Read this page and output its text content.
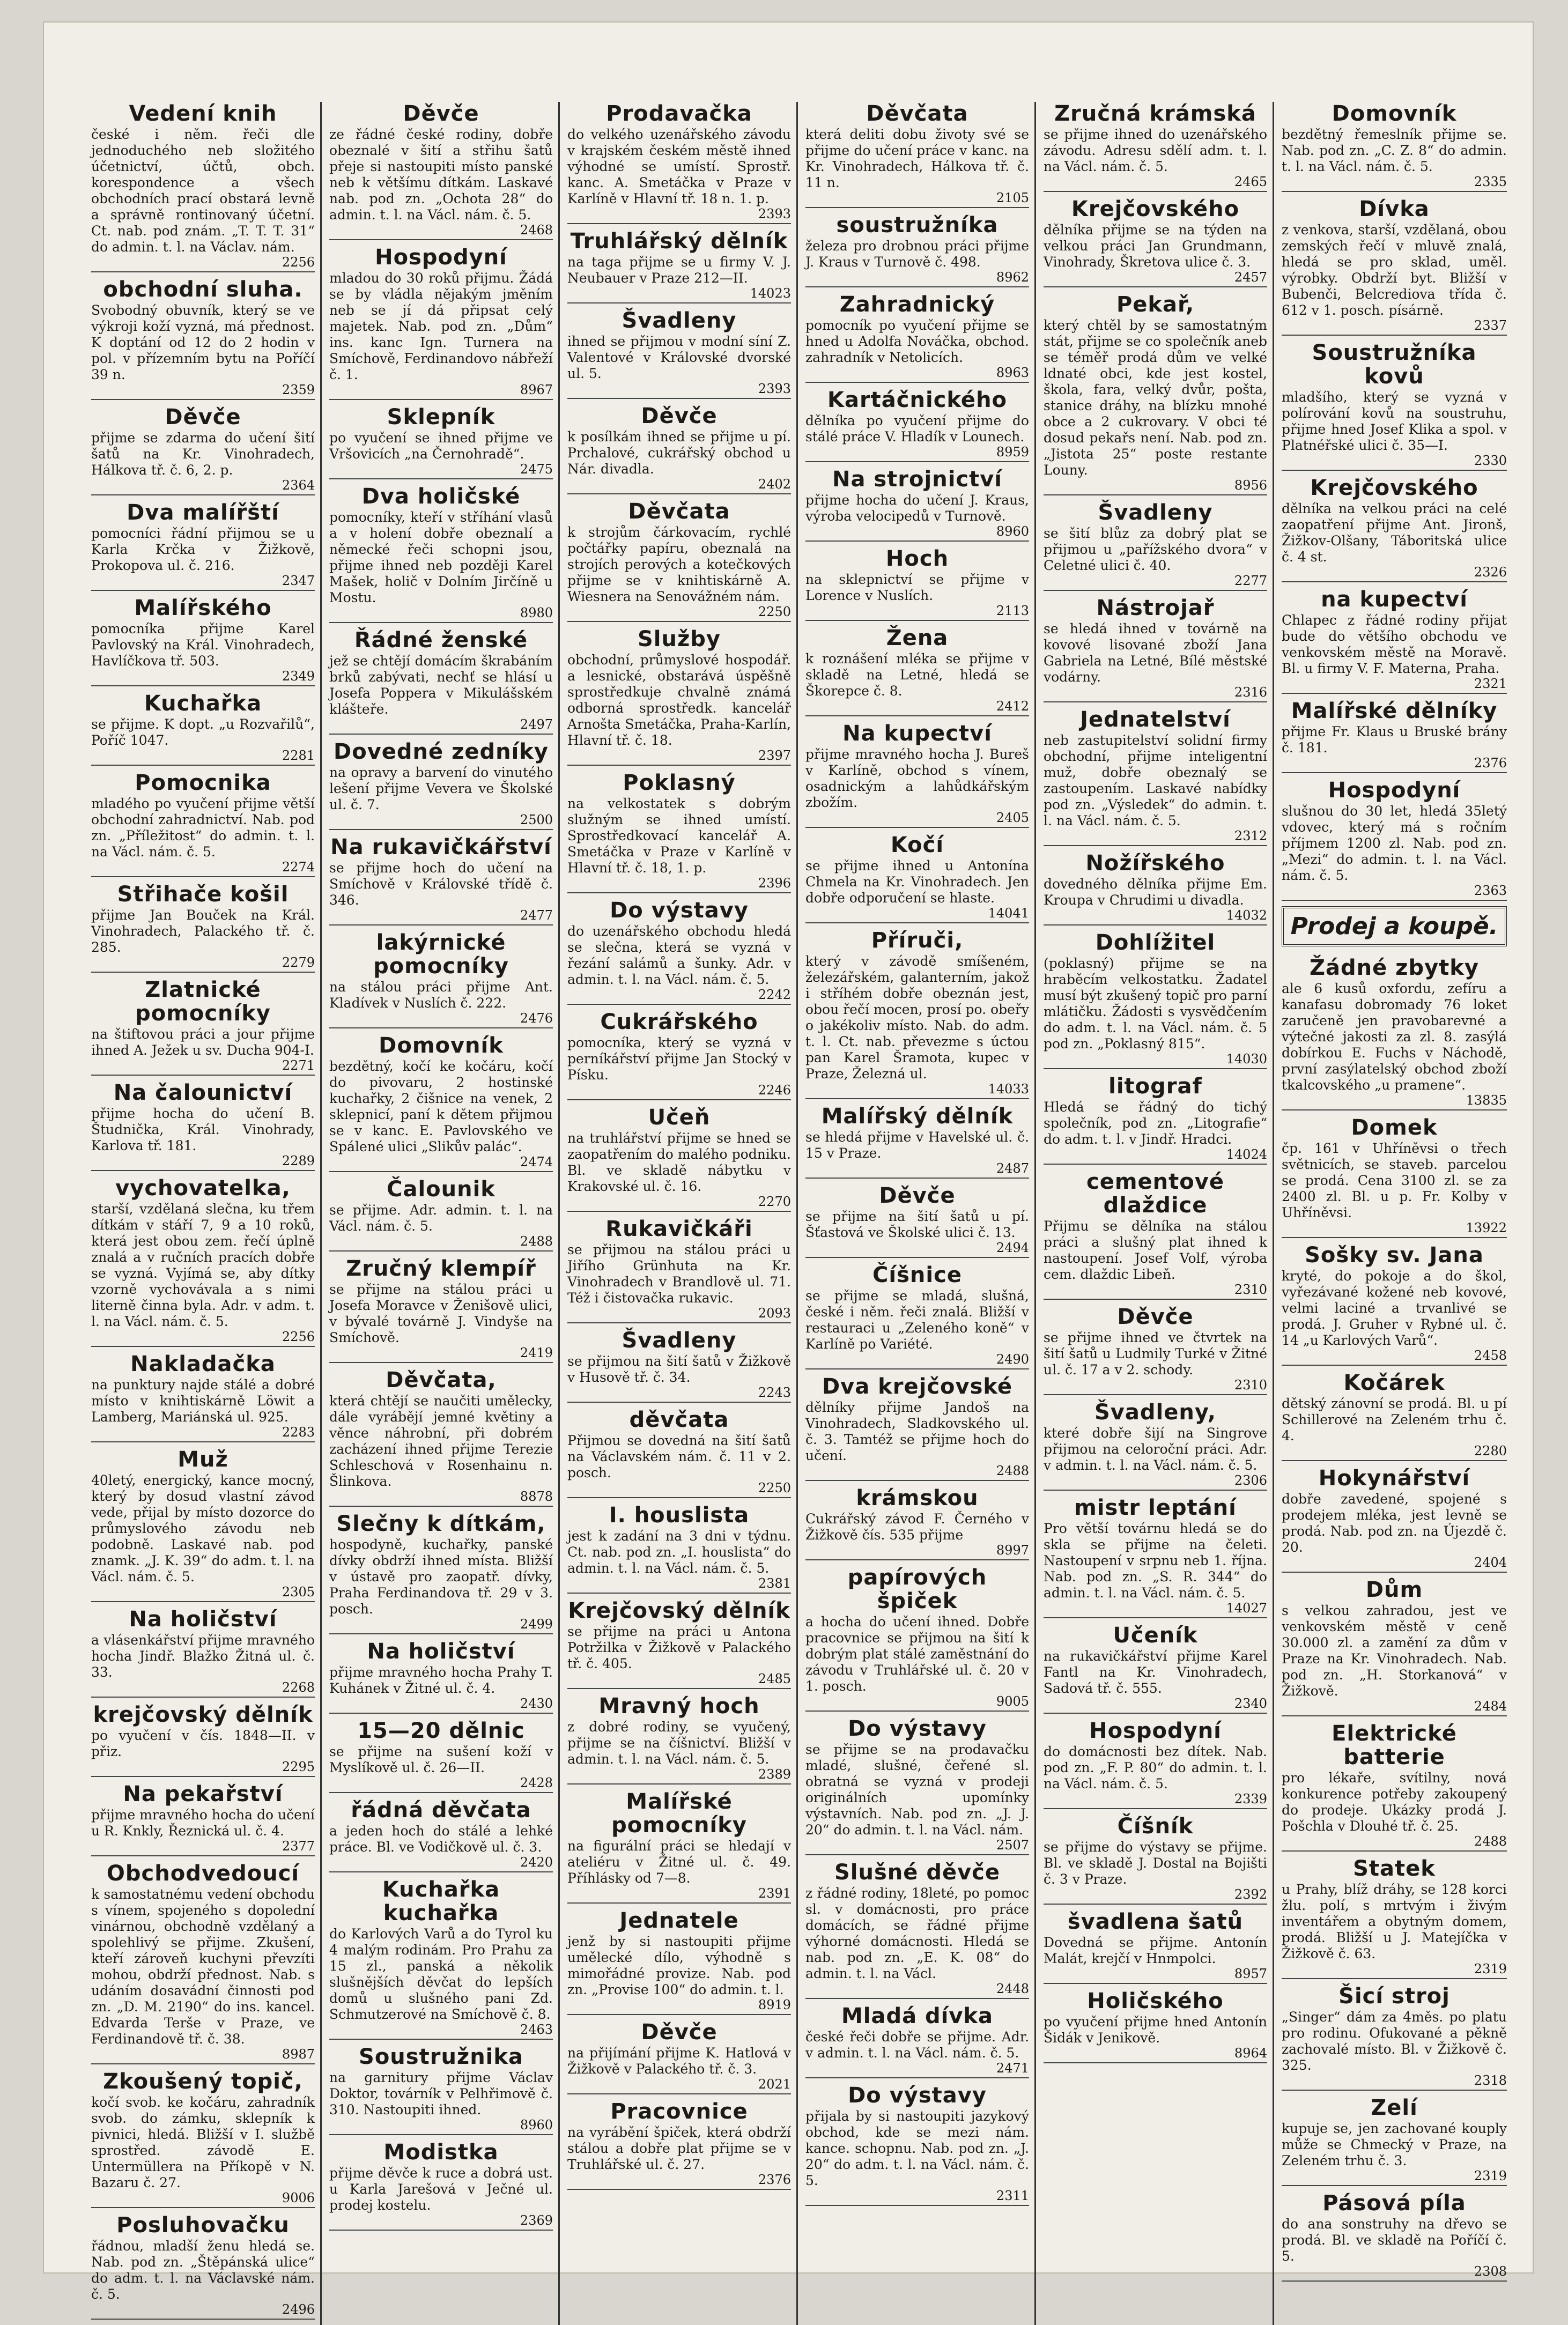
Vedení knih

české i něm. řeči dle jednoduchého neb složitého účetnictví, účtů, obch. korespondence a všech obchodních prací obstará levně a správně rontinovaný účetní. Ct. nab. pod znám. „T. T. T. 31“ do admin. t. l. na Václav. nám.

2256
obchodní sluha.

Svobodný obuvník, který se ve výkroji koží vyzná, má přednost. K doptání od 12 do 2 hodin v pol. v přízemním bytu na Poříčí 39 n.

2359
Děvče

přijme se zdarma do učení šití šatů na Kr. Vinohradech, Hálkova tř. č. 6, 2. p.

2364
Dva malířští

pomocníci řádní přijmou se u Karla Krčka v Žižkově, Prokopova ul. č. 216.

2347
Malířského

pomocníka přijme Karel Pavlovský na Král. Vinohradech, Havlíčkova tř. 503.

2349
Kuchařka

se přijme. K dopt. „u Rozvařilů“, Poříč 1047.

2281
Pomocnika

mladého po vyučení přijme větší obchodní zahradnictví. Nab. pod zn. „Příležitost“ do admin. t. l. na Václ. nám. č. 5.

2274
Střihače košil

přijme Jan Bouček na Král. Vinohradech, Palackého tř. č. 285.

2279
Zlatnické pomocníky

na štiftovou práci a jour přijme ihned A. Ježek u sv. Ducha 904-I.

2271
Na čalounictví

přijme hocha do učení B. Študnička, Král. Vinohrady, Karlova tř. 181.

2289
vychovatelka,

starší, vzdělaná slečna, ku třem dítkám v stáří 7, 9 a 10 roků, která jest obou zem. řečí úplně znalá a v ručních pracích dobře se vyzná. Vyjímá se, aby dítky vzorně vychovávala a s nimi literně činna byla. Adr. v adm. t. l. na Václ. nám. č. 5.

2256
Nakladačka

na punktury najde stálé a dobré místo v knihtiskárně Löwit a Lamberg, Mariánská ul. 925.

2283
Muž

40letý, energický, kance mocný, který by dosud vlastní závod vede, přijal by místo dozorce do průmyslového závodu neb podobně. Laskavé nab. pod znamk. „J. K. 39“ do adm. t. l. na Václ. nám. č. 5.

2305
Na holičství

a vlásenkářství přijme mravného hocha Jindř. Blažko Žitná ul. č. 33.

2268
krejčovský dělník

po vyučení v čís. 1848—II. v přiz.

2295
Na pekařství

přijme mravného hocha do učení u R. Knkly, Řeznická ul. č. 4.

2377
Obchodvedoucí

k samostatnému vedení obchodu s vínem, spojeného s dopolední vinárnou, obchodně vzdělaný a spolehlivý se přijme. Zkušení, kteří zároveň kuchyni převzíti mohou, obdrží přednost. Nab. s udáním dosavádní činnosti pod zn. „D. M. 2190“ do ins. kancel. Edvarda Terše v Praze, ve Ferdinandově tř. č. 38.

8987
Zkoušený topič,

kočí svob. ke kočáru, zahradník svob. do zámku, sklepník k pivnici, hledá. Bližší v I. službě sprostřed. závodě E. Untermüllera na Příkopě v N. Bazaru č. 27.

9006
Posluhovačku

řádnou, mladší ženu hledá se. Nab. pod zn. „Štěpánská ulice“ do adm. t. l. na Václavské nám. č. 5.

2496
Děvče

ze řádné české rodiny, dobře obeznalé v šití a střihu šatů přeje si nastoupiti místo panské neb k většímu dítkám. Laskavé nab. pod zn. „Ochota 28“ do admin. t. l. na Václ. nám. č. 5.

2468
Hospodyní

mladou do 30 roků přijmu. Žádá se by vládla nějakým jměním neb se jí dá připsat celý majetek. Nab. pod zn. „Dům“ ins. kanc Ign. Turnera na Smíchově, Ferdinandovo nábřeží č. 1.

8967
Sklepník

po vyučení se ihned přijme ve Vršovicích „na Černohradě“.

2475
Dva holičské

pomocníky, kteří v stříhání vlasů a v holení dobře obeznalí a německé řeči schopni jsou, přijme ihned neb později Karel Mašek, holič v Dolním Jirčíně u Mostu.

8980
Řádné ženské

jež se chtějí domácím škrabáním brků zabývati, nechť se hlásí u Josefa Poppera v Mikulášském klášteře.

2497
Dovedné zedníky

na opravy a barvení do vinutého lešení přijme Vevera ve Školské ul. č. 7.

2500
Na rukavičkářství

se přijme hoch do učení na Smíchově v Královské třídě č. 346.

2477
lakýrnické pomocníky

na stálou práci přijme Ant. Kladívek v Nuslích č. 222.

2476
Domovník

bezdětný, kočí ke kočáru, kočí do pivovaru, 2 hostinské kuchařky, 2 čišnice na venek, 2 sklepnicí, paní k dětem přijmou se v kanc. E. Pavlovského ve Spálené ulici „Slikův palác“.

2474
Čalounik

se přijme. Adr. admin. t. l. na Václ. nám. č. 5.

2488
Zručný klempíř

se přijme na stálou práci u Josefa Moravce v Ženišově ulici, v bývalé továrně J. Vindyše na Smíchově.

2419
Děvčata,

která chtějí se naučiti umělecky, dále vyrábějí jemné květiny a věnce náhrobní, při dobrém zacházení ihned přijme Terezie Schleschová v Rosenhainu n. Šlinkova.

8878
Slečny k dítkám,

hospodyně, kuchařky, panské dívky obdrží ihned místa. Bližší v ústavě pro zaopatř. dívky, Praha Ferdinandova tř. 29 v 3. posch.

2499
Na holičství

přijme mravného hocha Prahy T. Kuhánek v Žitné ul. č. 4.

2430
15—20 dělnic

se přijme na sušení koží v Myslíkově ul. č. 26—II.

2428
řádná děvčata

a jeden hoch do stálé a lehké práce. Bl. ve Vodičkově ul. č. 3.

2420
Kuchařka kuchařka

do Karlových Varů a do Tyrol ku 4 malým rodinám. Pro Prahu za 15 zl., panská a několik slušnějších děvčat do lepších domů u slušného pani Zd. Schmutzerové na Smíchově č. 8.

2463
Soustružnika

na garnitury přijme Václav Doktor, továrník v Pelhřimově č. 310. Nastoupiti ihned.

8960
Modistka

přijme děvče k ruce a dobrá ust. u Karla Jarešová v Ječné ul. prodej kostelu.

2369
Prodavačka

do velkého uzenářského závodu v krajském českém městě ihned výhodné se umístí. Sprostř. kanc. A. Smetáčka v Praze v Karlíně v Hlavní tř. 18 n. 1. p.

2393
Truhlářský dělník

na taga přijme se u firmy V. J. Neubauer v Praze 212—II.

14023
Švadleny

ihned se přijmou v modní síní Z. Valentové v Královské dvorské ul. 5.

2393
Děvče

k posílkám ihned se přijme u pí. Prchalové, cukrářský obchod u Nár. divadla.

2402
Děvčata

k strojům čárkovacím, rychlé počtářky papíru, obeznalá na strojích perových a kotečkových přijme se v knihtiskárně A. Wiesnera na Senovážném nám.

2250
Služby

obchodní, průmyslové hospodář. a lesnické, obstarává úspěšně sprostředkuje chvalně známá odborná sprostředk. kancelář Arnošta Smetáčka, Praha-Karlín, Hlavní tř. č. 18.

2397
Poklasný

na velkostatek s dobrým služným se ihned umístí. Sprostředkovací kancelář A. Smetáčka v Praze v Karlíně v Hlavní tř. č. 18, 1. p.

2396
Do výstavy

do uzenářského obchodu hledá se slečna, která se vyzná v řezání salámů a šunky. Adr. v admin. t. l. na Václ. nám. č. 5.

2242
Cukrářského

pomocníka, který se vyzná v perníkářství přijme Jan Stocký v Písku.

2246
Učeň

na truhlářství přijme se hned se zaopatřením do malého podniku. Bl. ve skladě nábytku v Krakovské ul. č. 16.

2270
Rukavičkáři

se přijmou na stálou práci u Jiřího Grünhuta na Kr. Vinohradech v Brandlově ul. 71. Též i čistovačka rukavic.

2093
Švadleny

se přijmou na šití šatů v Žižkově v Husově tř. č. 34.

2243
děvčata

Přijmou se dovedná na šití šatů na Václavském nám. č. 11 v 2. posch.

2250
I. houslista

jest k zadání na 3 dni v týdnu. Ct. nab. pod zn. „I. houslista“ do admin. t. l. na Václ. nám. č. 5.

2381
Krejčovský dělník

se přijme na práci u Antona Potržilka v Žižkově v Palackého tř. č. 405.

2485
Mravný hoch

z dobré rodiny, se vyučený, přijme se na číšnictví. Bližší v admin. t. l. na Václ. nám. č. 5.

2389
Malířské pomocníky

na figurální práci se hledají v ateliéru v Žitné ul. č. 49. Příhlásky od 7—8.

2391
Jednatele

jenž by si nastoupiti přijme umělecké dílo, výhodně s mimořádné provize. Nab. pod zn. „Provise 100“ do admin. t. l.

8919
Děvče

na přijímání přijme K. Hatlová v Žižkově v Palackého tř. č. 3.

2021
Pracovnice

na vyrábění špiček, která obdrží stálou a dobře plat přijme se v Truhlářské ul. č. 27.

2376
Děvčata

která deliti dobu životy své se přijme do učení práce v kanc. na Kr. Vinohradech, Hálkova tř. č. 11 n.

2105
soustružníka

železa pro drobnou práci přijme J. Kraus v Turnově č. 498.

8962
Zahradnický

pomocník po vyučení přijme se hned u Adolfa Nováčka, obchod. zahradník v Netolicích.

8963
Kartáčnického

dělníka po vyučení přijme do stálé práce V. Hladík v Lounech.

8959
Na strojnictví

přijme hocha do učení J. Kraus, výroba velocipedů v Turnově.

8960
Hoch

na sklepnictví se přijme v Lorence v Nuslích.

2113
Žena

k roznášení mléka se přijme v skladě na Letné, hledá se Škorepce č. 8.

2412
Na kupectví

přijme mravného hocha J. Bureš v Karlíně, obchod s vínem, osadnickým a lahůdkářským zbožím.

2405
Kočí

se přijme ihned u Antonína Chmela na Kr. Vinohradech. Jen dobře odporučení se hlaste.

14041
Příruči,

který v závodě smíšeném, železářském, galanterním, jakož i stříhém dobře obeznán jest, obou řečí mocen, prosí po. obeřy o jakékoliv místo. Nab. do adm. t. l. Ct. nab. převezme s úctou pan Karel Šramota, kupec v Praze, Železná ul.

14033
Malířský dělník

se hledá přijme v Havelské ul. č. 15 v Praze.

2487
Děvče

se přijme na šití šatů u pí. Šťastová ve Školské ulici č. 13.

2494
Číšnice

se přijme se mladá, slušná, české i něm. řeči znalá. Bližší v restauraci u „Zeleného koně“ v Karlíně po Variété.

2490
Dva krejčovské

dělníky přijme Jandoš na Vinohradech, Sladkovského ul. č. 3. Tamtéž se přijme hoch do učení.

2488
krámskou

Cukrářský závod F. Černého v Žižkově čís. 535 přijme

8997
papírových špiček

a hocha do učení ihned. Dobře pracovnice se přijmou na šití k dobrým plat stálé zaměstnání do závodu v Truhlářské ul. č. 20 v 1. posch.

9005
Do výstavy

se přijme se na prodavačku mladé, slušné, čeřené sl. obratná se vyzná v prodeji originálních upomínky výstavních. Nab. pod zn. „J. J. 20“ do admin. t. l. na Václ. nám.

2507
Slušné děvče

z řádné rodiny, 18leté, po pomoc sl. v domácnosti, pro práce domácích, se řádné přijme výhorné domácnosti. Hledá se nab. pod zn. „E. K. 08“ do admin. t. l. na Václ.

2448
Mladá dívka

české řeči dobře se přijme. Adr. v admin. t. l. na Václ. nám. č. 5.

2471
Do výstavy

přijala by si nastoupiti jazykový obchod, kde se mezi nám. kance. schopnu. Nab. pod zn. „J. 20“ do adm. t. l. na Václ. nám. č. 5.

2311
Zručná krámská

se přijme ihned do uzenářského závodu. Adresu sdělí adm. t. l. na Václ. nám. č. 5.

2465
Krejčovského

dělníka přijme se na týden na velkou práci Jan Grundmann, Vinohrady, Škretova ulice č. 3.

2457
Pekař,

který chtěl by se samostatným stát, přijme se co společník aneb se téměř prodá dům ve velké ldnaté obci, kde jest kostel, škola, fara, velký dvůr, pošta, stanice dráhy, na blízku mnohé obce a 2 cukrovary. V obci té dosud pekařs není. Nab. pod zn. „Jistota 25“ poste restante Louny.

8956
Švadleny

se šití blůz za dobrý plat se přijmou u „pařížského dvora“ v Celetné ulici č. 40.

2277
Nástrojař

se hledá ihned v továrně na kovové lisované zboží Jana Gabriela na Letné, Bílé městské vodárny.

2316
Jednatelství

neb zastupitelství solidní firmy obchodní, přijme inteligentní muž, dobře obeznalý se zastoupením. Laskavé nabídky pod zn. „Výsledek“ do admin. t. l. na Václ. nám. č. 5.

2312
Nožířského

dovedného dělníka přijme Em. Kroupa v Chrudimi u divadla.

14032
Dohlížitel

(poklasný) přijme se na hraběcím velkostatku. Žadatel musí být zkušený topič pro parní mlátičku. Žádosti s vysvědčením do adm. t. l. na Václ. nám. č. 5 pod zn. „Poklasný 815“.

14030
litograf

Hledá se řádný do tichý společník, pod zn. „Litografie“ do adm. t. l. v Jindř. Hradci.

14024
cementové dlaždice

Přijmu se dělníka na stálou práci a slušný plat ihned k nastoupení. Josef Volf, výroba cem. dlaždic Libeň.

2310
Děvče

se přijme ihned ve čtvrtek na šití šatů u Ludmily Turké v Žitné ul. č. 17 a v 2. schody.

2310
Švadleny,

které dobře šijí na Singrove přijmou na celoroční práci. Adr. v admin. t. l. na Václ. nám. č. 5.

2306
mistr leptání

Pro větší továrnu hledá se do skla se přijme na čeleti. Nastoupení v srpnu neb 1. října. Nab. pod zn. „S. R. 344“ do admin. t. l. na Václ. nám. č. 5.

14027
Učeník

na rukavičkářství přijme Karel Fantl na Kr. Vinohradech, Sadová tř. č. 555.

2340
Hospodyní

do domácnosti bez dítek. Nab. pod zn. „F. P. 80“ do admin. t. l. na Václ. nám. č. 5.

2339
Číšník

se přijme do výstavy se přijme. Bl. ve skladě J. Dostal na Bojišti č. 3 v Praze.

2392
švadlena šatů

Dovedná se přijme. Antonín Malát, krejčí v Hnmpolci.

8957
Holičského

po vyučení přijme hned Antonín Šidák v Jenikově.

8964
Domovník

bezdětný řemeslník přijme se. Nab. pod zn. „C. Z. 8“ do admin. t. l. na Václ. nám. č. 5.

2335
Dívka

z venkova, starší, vzdělaná, obou zemských řečí v mluvě znalá, hledá se pro sklad, uměl. výrobky. Obdrží byt. Bližší v Bubenči, Belcrediova třída č. 612 v 1. posch. písárně.

2337
Soustružníka kovů

mladšího, který se vyzná v polírování kovů na soustruhu, přijme hned Josef Klika a spol. v Platnéřské ulici č. 35—I.

2330
Krejčovského

dělníka na velkou práci na celé zaopatření přijme Ant. Jironš, Žižkov-Olšany, Táboritská ulice č. 4 st.

2326
na kupectví

Chlapec z řádné rodiny přijat bude do většího obchodu ve venkovském městě na Moravě. Bl. u firmy V. F. Materna, Praha.

2321
Malířské dělníky

přijme Fr. Klaus u Bruské brány č. 181.

2376
Hospodyní

slušnou do 30 let, hledá 35letý vdovec, který má s ročním příjmem 1200 zl. Nab. pod zn. „Mezi“ do admin. t. l. na Václ. nám. č. 5.

2363
Prodej a koupě.
Žádné zbytky

ale 6 kusů oxfordu, zefíru a kanafasu dobromady 76 loket zaručeně jen pravobarevné a výtečné jakosti za zl. 8. zasýlá dobírkou E. Fuchs v Náchodě, první zasýlatelský obchod zboží tkalcovského „u pramene“.

13835
Domek

čp. 161 v Uhříněvsi o třech světnicích, se staveb. parcelou se prodá. Cena 3100 zl. se za 2400 zl. Bl. u p. Fr. Kolby v Uhříněvsi.

13922
Sošky sv. Jana

kryté, do pokoje a do škol, vyřezávané kožené neb kovové, velmi laciné a trvanlivé se prodá. J. Gruher v Rybné ul. č. 14 „u Karlových Varů“.

2458
Kočárek

dětský zánovní se prodá. Bl. u pí Schillerové na Zeleném trhu č. 4.

2280
Hokynářství

dobře zavedené, spojené s prodejem mléka, jest levně se prodá. Nab. pod zn. na Újezdě č. 20.

2404
Dům

s velkou zahradou, jest ve venkovském městě v ceně 30.000 zl. a zamění za dům v Praze na Kr. Vinohradech. Nab. pod zn. „H. Storkanová“ v Žižkově.

2484
Elektrické batterie

pro lékaře, svítilny, nová konkurence potřeby zakoupený do prodeje. Ukázky prodá J. Pošchla v Dlouhé tř. č. 25.

2488
Statek

u Prahy, blíž dráhy, se 128 korci žlu. polí, s mrtvým i živým inventářem a obytným domem, prodá. Bližší u J. Matejíčka v Žižkově č. 63.

2319
Šicí stroj

„Singer“ dám za 4měs. po platu pro rodinu. Ofukované a pěkně zachovalé místo. Bl. v Žižkově č. 325.

2318
Zelí

kupuje se, jen zachované kouply může se Chmecký v Praze, na Zeleném trhu č. 3.

2319
Pásová píla

do ana sonstruhy na dřevo se prodá. Bl. ve skladě na Poříčí č. 5.

2308
